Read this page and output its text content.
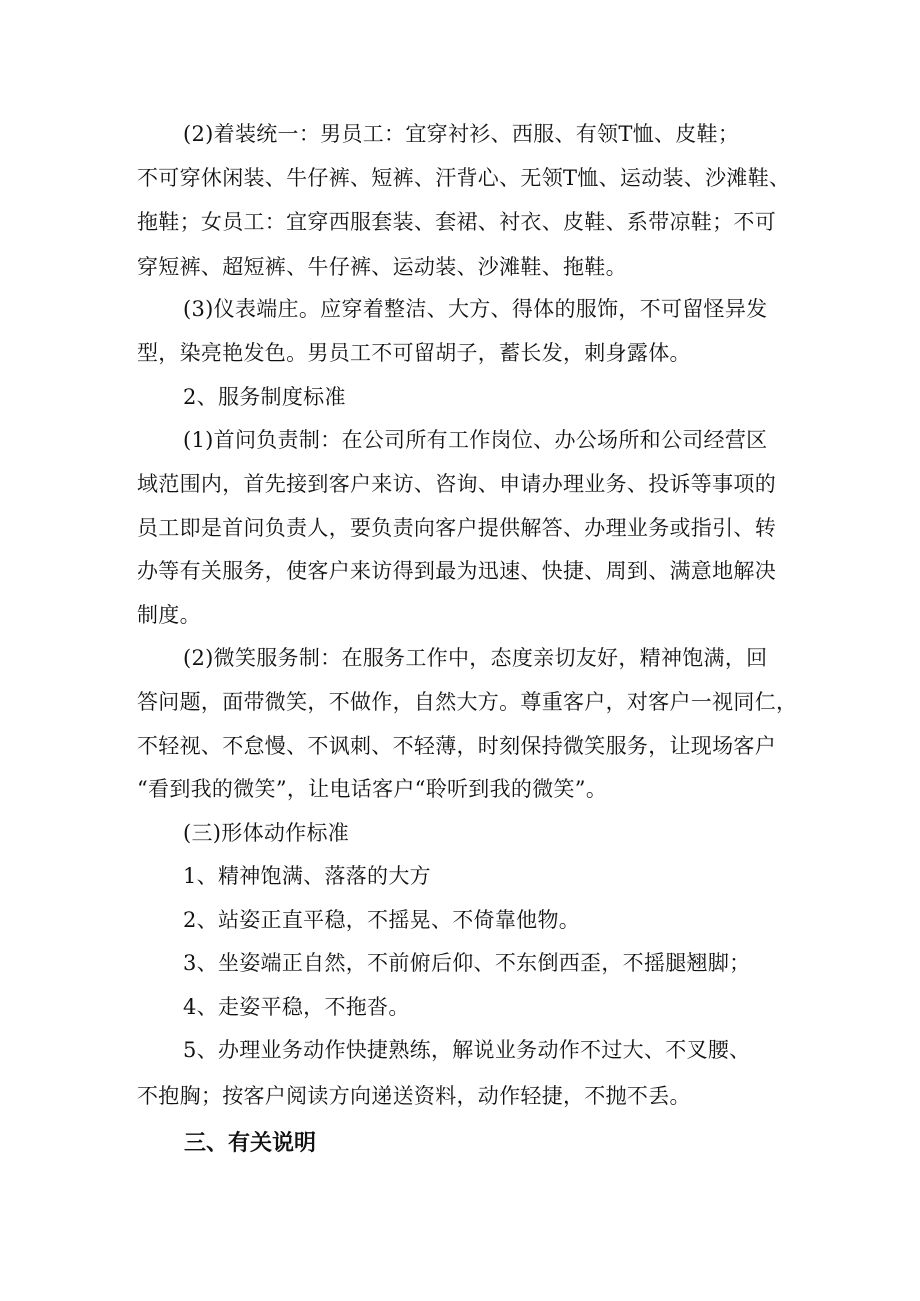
(2)着装统一：男员工：宜穿衬衫、西服、有领T恤、皮鞋；
不可穿休闲装、牛仔裤、短裤、汗背心、无领T恤、运动装、沙滩鞋、
拖鞋；女员工：宜穿西服套装、套裙、衬衣、皮鞋、系带凉鞋；不可
穿短裤、超短裤、牛仔裤、运动装、沙滩鞋、拖鞋。
(3)仪表端庄。应穿着整洁、大方、得体的服饰，不可留怪异发
型，染亮艳发色。男员工不可留胡子，蓄长发，刺身露体。
2、服务制度标准
(1)首问负责制：在公司所有工作岗位、办公场所和公司经营区
域范围内，首先接到客户来访、咨询、申请办理业务、投诉等事项的
员工即是首问负责人，要负责向客户提供解答、办理业务或指引、转
办等有关服务，使客户来访得到最为迅速、快捷、周到、满意地解决
制度。
(2)微笑服务制：在服务工作中，态度亲切友好，精神饱满，回
答问题，面带微笑，不做作，自然大方。尊重客户，对客户一视同仁，
不轻视、不怠慢、不讽刺、不轻薄，时刻保持微笑服务，让现场客户
“看到我的微笑”，让电话客户“聆听到我的微笑”。
(三)形体动作标准
1、精神饱满、落落的大方
2、站姿正直平稳，不摇晃、不倚靠他物。
3、坐姿端正自然，不前俯后仰、不东倒西歪，不摇腿翘脚；
4、走姿平稳，不拖沓。
5、办理业务动作快捷熟练，解说业务动作不过大、不叉腰、
不抱胸；按客户阅读方向递送资料，动作轻捷，不抛不丢。
三、有关说明
